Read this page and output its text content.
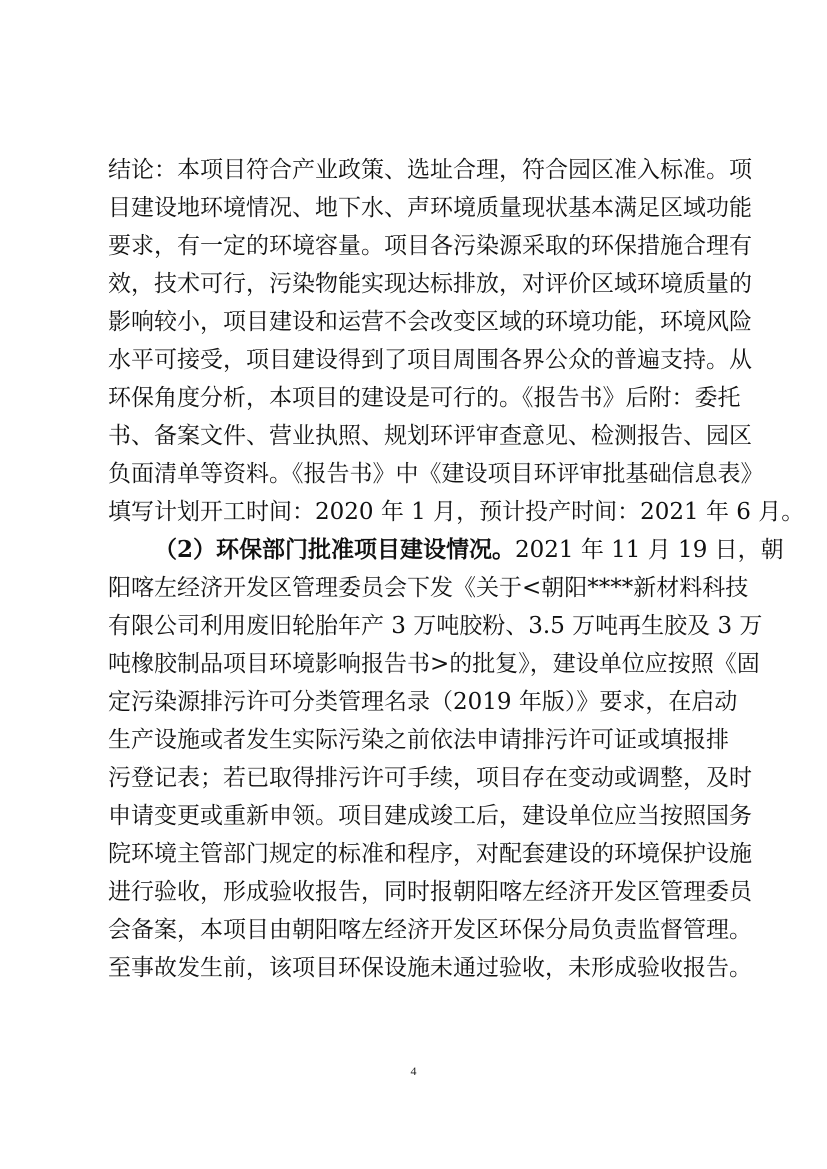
结论：本项目符合产业政策、选址合理，符合园区准入标准。项
目建设地环境情况、地下水、声环境质量现状基本满足区域功能
要求，有一定的环境容量。项目各污染源采取的环保措施合理有
效，技术可行，污染物能实现达标排放，对评价区域环境质量的
影响较小，项目建设和运营不会改变区域的环境功能，环境风险
水平可接受，项目建设得到了项目周围各界公众的普遍支持。从
环保角度分析，本项目的建设是可行的。《报告书》后附：委托
书、备案文件、营业执照、规划环评审查意见、检测报告、园区
负面清单等资料。《报告书》中《建设项目环评审批基础信息表》
填写计划开工时间：2020 年 1 月，预计投产时间：2021 年 6 月。
（2）环保部门批准项目建设情况。2021 年 11 月 19 日，朝
阳喀左经济开发区管理委员会下发《关于<朝阳****新材料科技
有限公司利用废旧轮胎年产 3 万吨胶粉、3.5 万吨再生胶及 3 万
吨橡胶制品项目环境影响报告书>的批复》，建设单位应按照《固
定污染源排污许可分类管理名录（2019 年版）》要求，在启动
生产设施或者发生实际污染之前依法申请排污许可证或填报排
污登记表；若已取得排污许可手续，项目存在变动或调整，及时
申请变更或重新申领。项目建成竣工后，建设单位应当按照国务
院环境主管部门规定的标准和程序，对配套建设的环境保护设施
进行验收，形成验收报告，同时报朝阳喀左经济开发区管理委员
会备案，本项目由朝阳喀左经济开发区环保分局负责监督管理。
至事故发生前，该项目环保设施未通过验收，未形成验收报告。
4
